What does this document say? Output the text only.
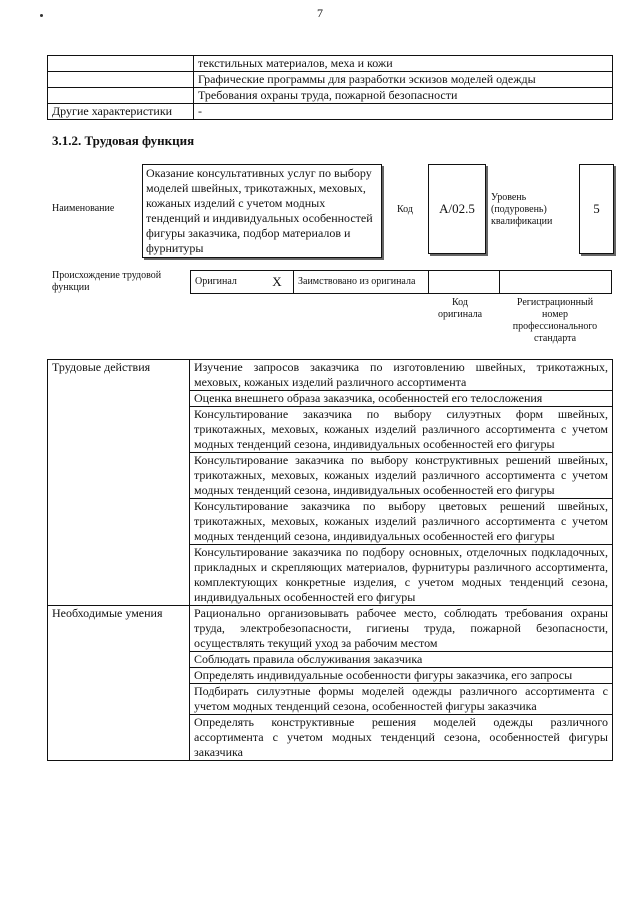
7
	текстильных материалов, меха и кожи
	Графические программы для разработки эскизов моделей одежды
	Требования охраны труда, пожарной безопасности
Другие характеристики	-
3.1.2. Трудовая функция
Наименование
Оказание консультативных услуг по выбору моделей швейных, трикотажных, меховых, кожаных изделий с учетом модных тенденций и индивидуальных особенностей фигуры заказчика, подбор материалов и фурнитуры
Код	A/02.5
Уровень (подуровень) квалификации
5
Происхождение трудовой функции
Оригинал	X	Заимствовано из оригинала		
Код оригинала
Регистрационный номер профессионального стандарта
Трудовые действия	Изучение запросов заказчика по изготовлению швейных, трикотажных, меховых, кожаных изделий различного ассортимента
	Оценка внешнего образа заказчика, особенностей его телосложения
	Консультирование заказчика по выбору силуэтных форм швейных, трикотажных, меховых, кожаных изделий различного ассортимента с учетом модных тенденций сезона, индивидуальных особенностей его фигуры
	Консультирование заказчика по выбору конструктивных решений швейных, трикотажных, меховых, кожаных изделий различного ассортимента с учетом модных тенденций сезона, индивидуальных особенностей его фигуры
	Консультирование заказчика по выбору цветовых решений швейных, трикотажных, меховых, кожаных изделий различного ассортимента с учетом модных тенденций сезона, индивидуальных особенностей его фигуры
	Консультирование заказчика по подбору основных, отделочных подкладочных, прикладных и скрепляющих материалов, фурнитуры различного ассортимента, комплектующих конкретные изделия, с учетом модных тенденций сезона, индивидуальных особенностей его фигуры
Необходимые умения	Рационально организовывать рабочее место, соблюдать требования охраны труда, электробезопасности, гигиены труда, пожарной безопасности, осуществлять текущий уход за рабочим местом
	Соблюдать правила обслуживания заказчика
	Определять индивидуальные особенности фигуры заказчика, его запросы
	Подбирать силуэтные формы моделей одежды различного ассортимента с учетом модных тенденций сезона, особенностей фигуры заказчика
	Определять конструктивные решения моделей одежды различного ассортимента с учетом модных тенденций сезона, особенностей фигуры заказчика
